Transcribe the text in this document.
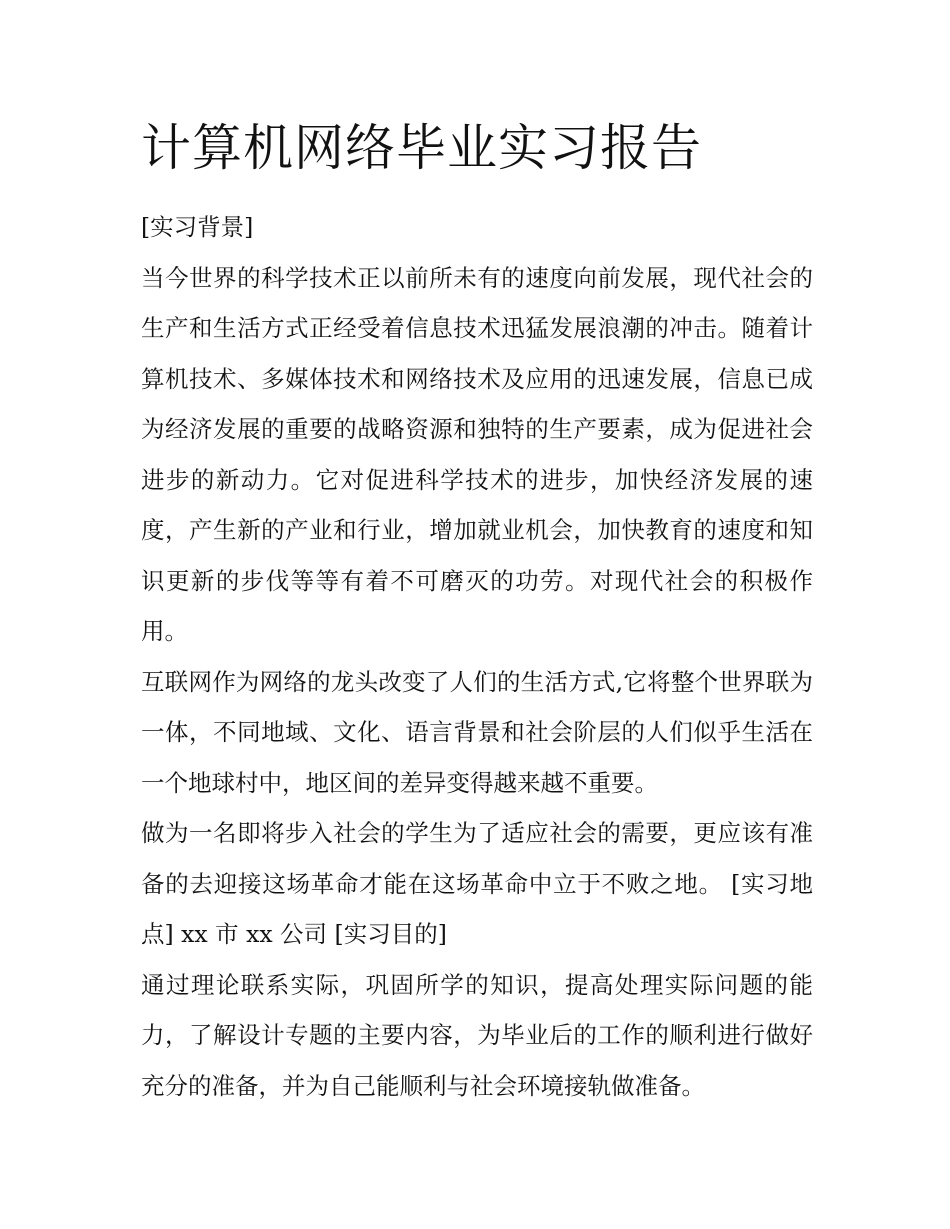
计算机网络毕业实习报告

[实习背景]

当今世界的科学技术正以前所未有的速度向前发展，现代社会的生产和生活方式正经受着信息技术迅猛发展浪潮的冲击。随着计算机技术、多媒体技术和网络技术及应用的迅速发展，信息已成为经济发展的重要的战略资源和独特的生产要素，成为促进社会进步的新动力。它对促进科学技术的进步，加快经济发展的速度，产生新的产业和行业，增加就业机会，加快教育的速度和知识更新的步伐等等有着不可磨灭的功劳。对现代社会的积极作用。

互联网作为网络的龙头改变了人们的生活方式,它将整个世界联为一体，不同地域、文化、语言背景和社会阶层的人们似乎生活在一个地球村中，地区间的差异变得越来越不重要。

做为一名即将步入社会的学生为了适应社会的需要，更应该有准备的去迎接这场革命才能在这场革命中立于不败之地。 [实习地点] xx 市 xx 公司 [实习目的]

通过理论联系实际，巩固所学的知识，提高处理实际问题的能力，了解设计专题的主要内容，为毕业后的工作的顺利进行做好充分的准备，并为自己能顺利与社会环境接轨做准备。
